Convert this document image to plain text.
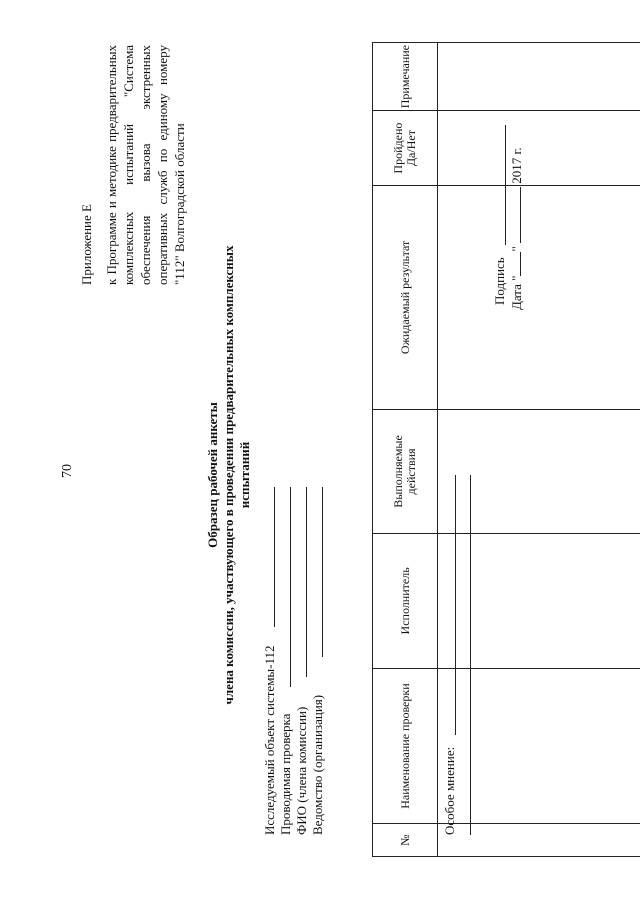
70
Приложение Е к Программе и методике предварительных комплексных испытаний "Система обеспечения вызова экстренных оперативных служб по единому номеру "112" Волгоградской области
Образец рабочей анкеты члена комиссии, участвующего в проведении предварительных комплексных испытаний
Исследуемый объект системы-112 Проводимая проверка ФИО (члена комиссии) Ведомство (организация)
№	Наименование проверки	Исполнитель	Выполняемые действия	Ожидаемый результат	Пройдено Да/Нет	Примечание

Особое мнение:
Подпись Дата ""  2017 г.
